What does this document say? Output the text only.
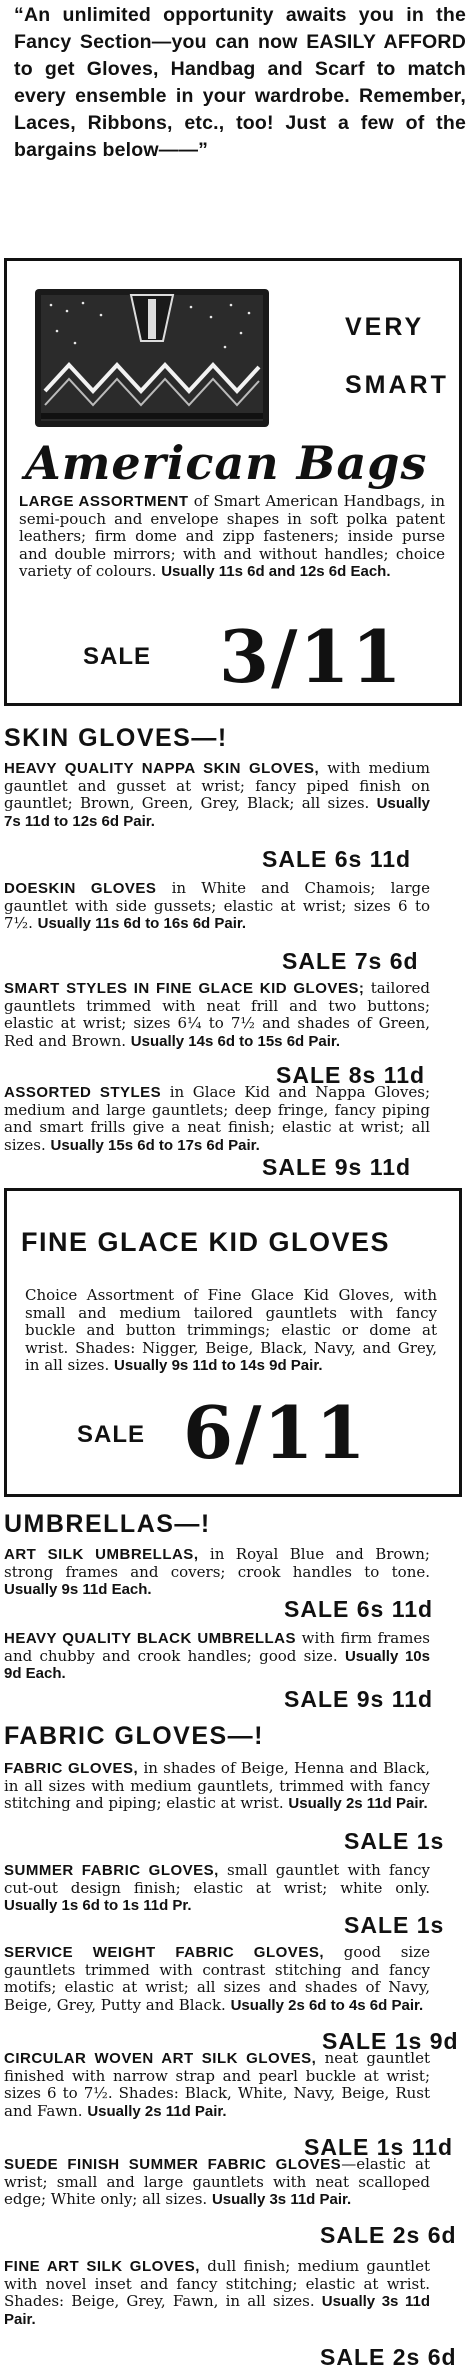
“An unlimited opportunity awaits you in the Fancy Section—you can now EASILY AFFORD to get Gloves, Handbag and Scarf to match every ensemble in your wardrobe. Remember, Laces, Ribbons, etc., too! Just a few of the bargains below——”
VERY
SMART
American Bags
LARGE ASSORTMENT of Smart American Handbags, in semi-pouch and envelope shapes in soft polka patent leathers; firm dome and zipp fasteners; inside purse and double mirrors; with and without handles; choice variety of colours. Usually 11s 6d and 12s 6d Each.
SALE 3/11
SKIN GLOVES—!
HEAVY QUALITY NAPPA SKIN GLOVES, with medium gauntlet and gusset at wrist; fancy piped finish on gauntlet; Brown, Green, Grey, Black; all sizes. Usually 7s 11d to 12s 6d Pair.
SALE 6s 11d
DOESKIN GLOVES in White and Chamois; large gauntlet with side gussets; elastic at wrist; sizes 6 to 7½. Usually 11s 6d to 16s 6d Pair.
SALE 7s 6d
SMART STYLES IN FINE GLACE KID GLOVES; tailored gauntlets trimmed with neat frill and two buttons; elastic at wrist; sizes 6¼ to 7½ and shades of Green, Red and Brown. Usually 14s 6d to 15s 6d Pair.
SALE 8s 11d
ASSORTED STYLES in Glace Kid and Nappa Gloves; medium and large gauntlets; deep fringe, fancy piping and smart frills give a neat finish; elastic at wrist; all sizes. Usually 15s 6d to 17s 6d Pair.
SALE 9s 11d
FINE GLACE KID GLOVES
Choice Assortment of Fine Glace Kid Gloves, with small and medium tailored gauntlets with fancy buckle and button trimmings; elastic or dome at wrist. Shades: Nigger, Beige, Black, Navy, and Grey, in all sizes. Usually 9s 11d to 14s 9d Pair.
SALE 6/11
UMBRELLAS—!
ART SILK UMBRELLAS, in Royal Blue and Brown; strong frames and covers; crook handles to tone. Usually 9s 11d Each.
SALE 6s 11d
HEAVY QUALITY BLACK UMBRELLAS with firm frames and chubby and crook handles; good size. Usually 10s 9d Each.
SALE 9s 11d
FABRIC GLOVES—!
FABRIC GLOVES, in shades of Beige, Henna and Black, in all sizes with medium gauntlets, trimmed with fancy stitching and piping; elastic at wrist. Usually 2s 11d Pair.
SALE 1s
SUMMER FABRIC GLOVES, small gauntlet with fancy cut-out design finish; elastic at wrist; white only. Usually 1s 6d to 1s 11d Pr.
SALE 1s
SERVICE WEIGHT FABRIC GLOVES, good size gauntlets trimmed with contrast stitching and fancy motifs; elastic at wrist; all sizes and shades of Navy, Beige, Grey, Putty and Black. Usually 2s 6d to 4s 6d Pair.
SALE 1s 9d
CIRCULAR WOVEN ART SILK GLOVES, neat gauntlet finished with narrow strap and pearl buckle at wrist; sizes 6 to 7½. Shades: Black, White, Navy, Beige, Rust and Fawn. Usually 2s 11d Pair.
SALE 1s 11d
SUEDE FINISH SUMMER FABRIC GLOVES—elastic at wrist; small and large gauntlets with neat scalloped edge; White only; all sizes. Usually 3s 11d Pair.
SALE 2s 6d
FINE ART SILK GLOVES, dull finish; medium gauntlet with novel inset and fancy stitching; elastic at wrist. Shades: Beige, Grey, Fawn, in all sizes. Usually 3s 11d Pair.
SALE 2s 6d
